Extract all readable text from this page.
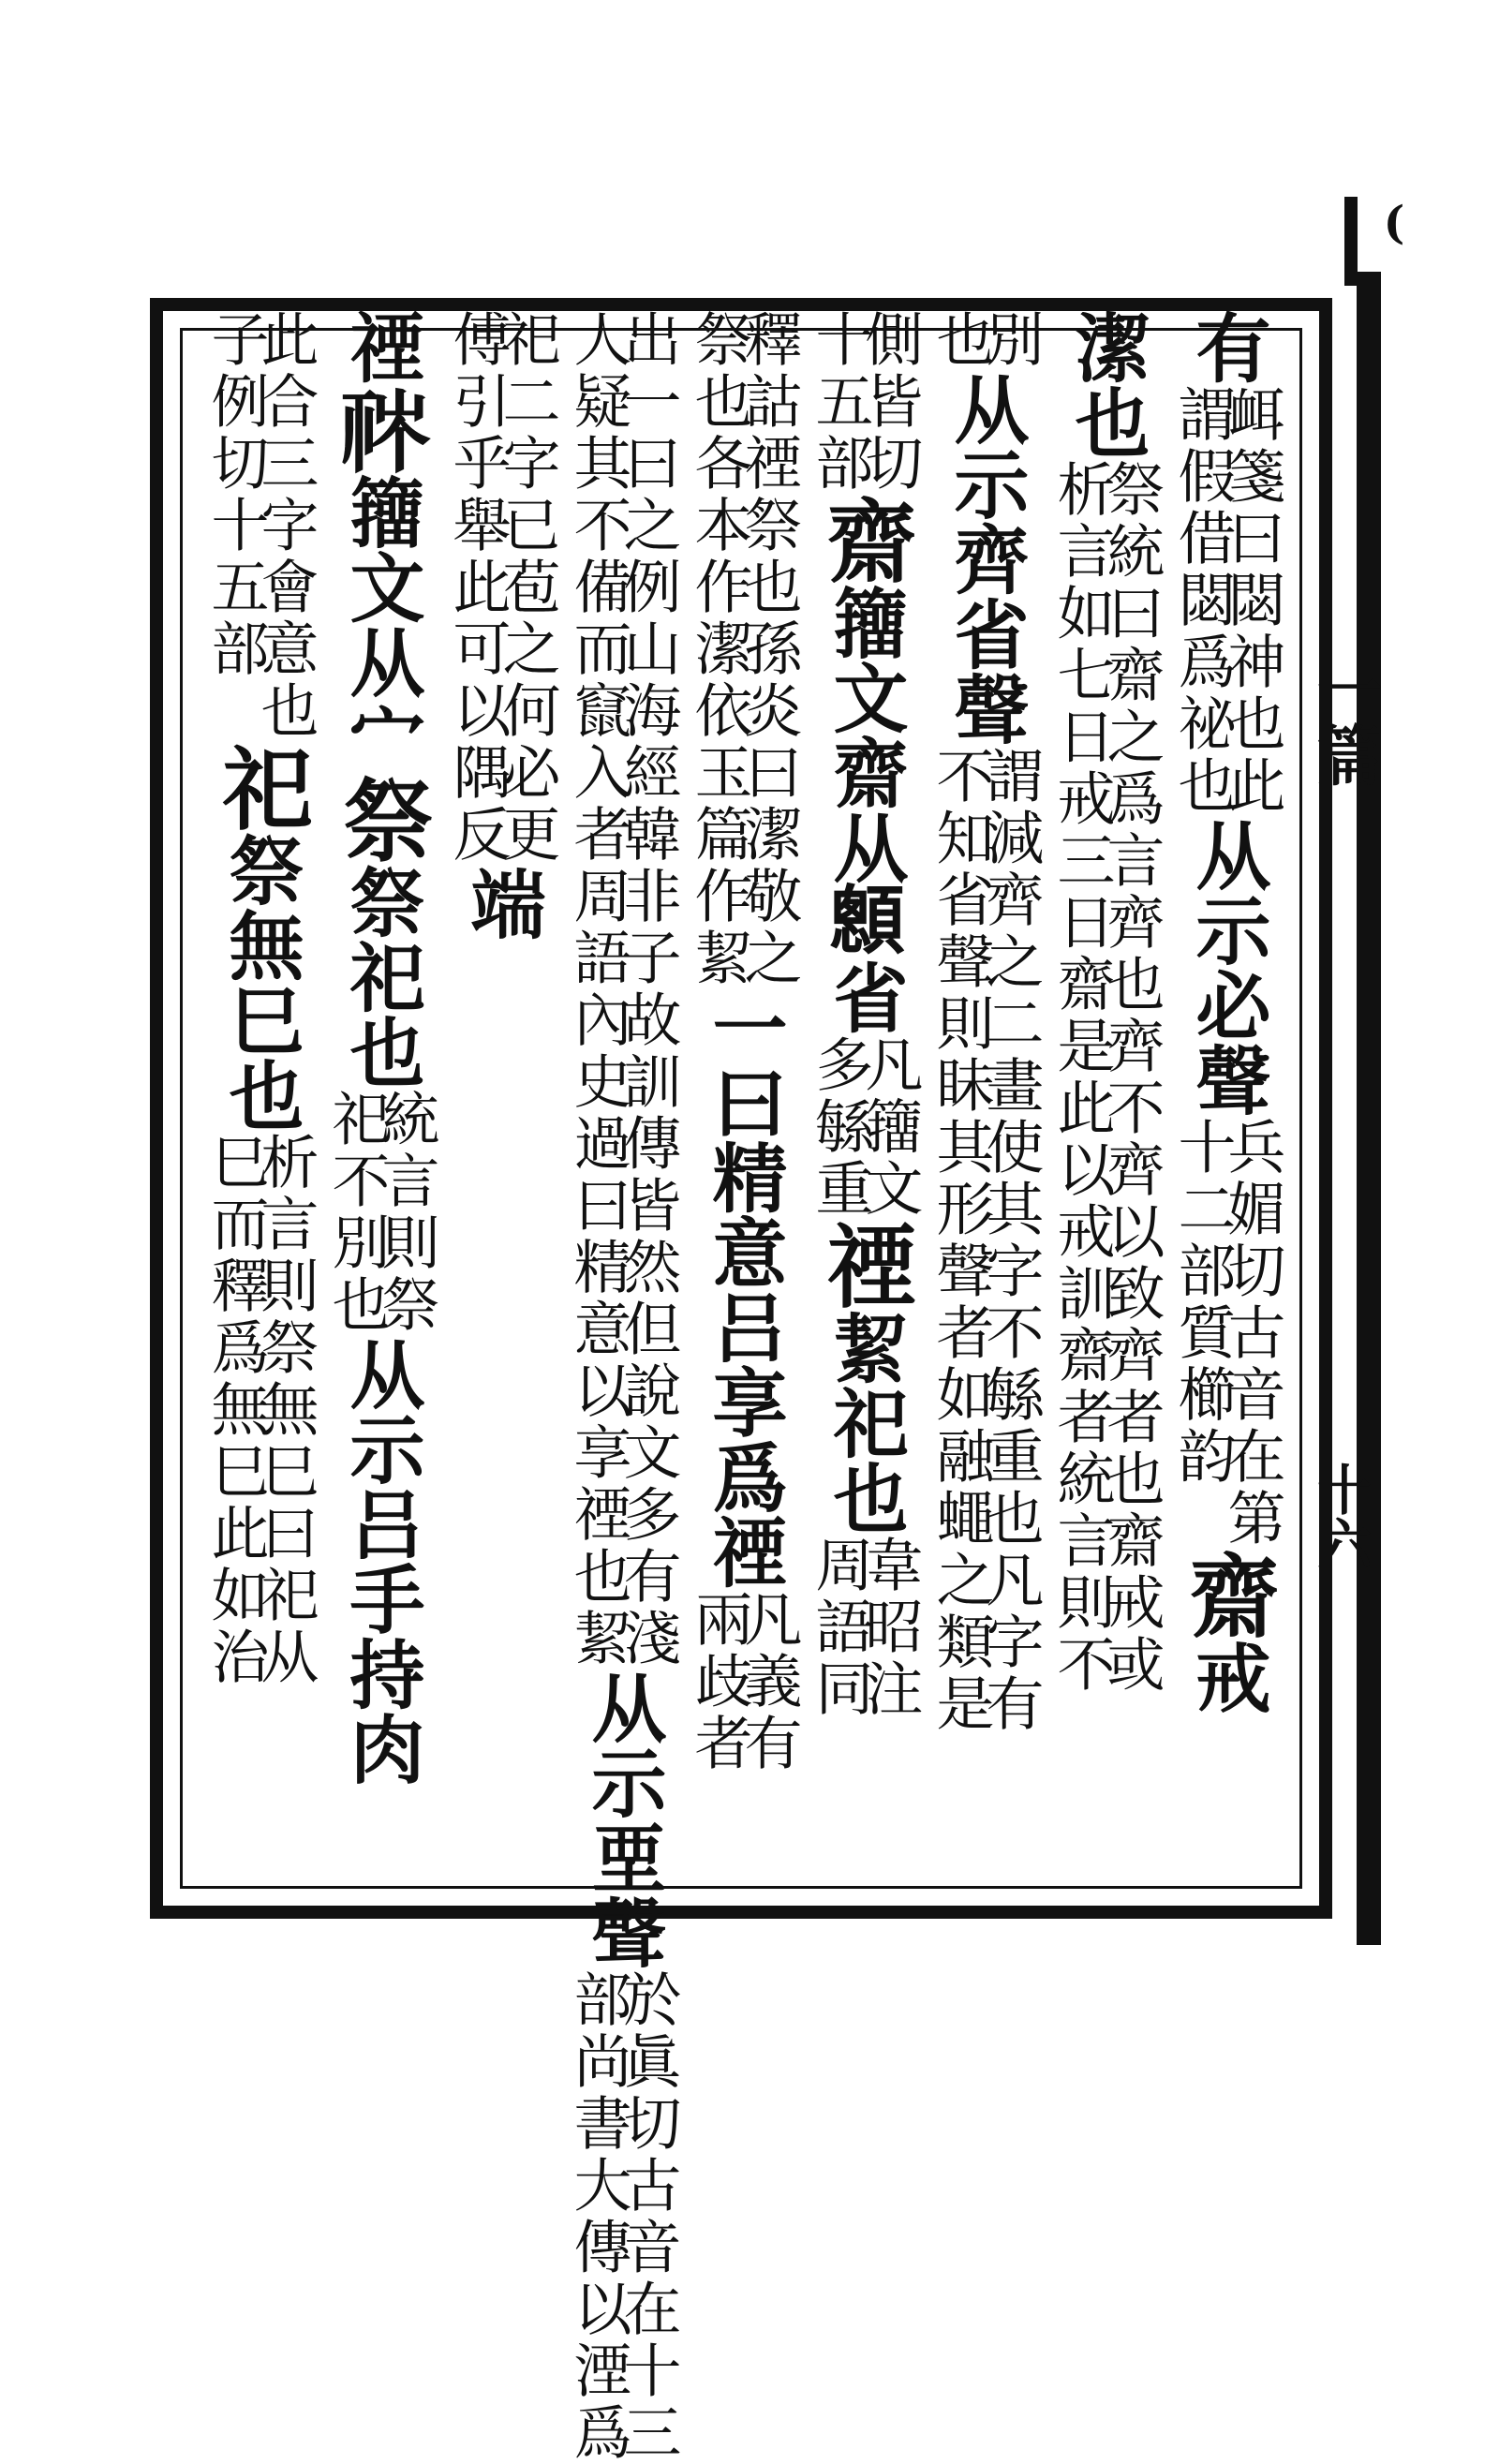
(
一篇
十六
有
衈箋曰閟神也此
謂假借閟爲祕也
从示必聲
兵媚切古音在第
十二部質櫛韵
齋
戒
潔也
祭統曰齋之爲言齊也齊不齊以致齊者也齋戒或
析言如七日戒三日齋是此以戒訓齋者統言則不
別
也
从示齊省聲
謂減齊之二畫使其字不緐重也凡字有
不知省聲則眛其形聲者如融蠅之類是
側皆切
十五部
齋
籒文齋从𩕄省
凡籒文
多緐重
禋
絜祀也
韋昭注
周語同
釋詁禋祭也孫炎曰潔敬之
祭也各本作潔依玉篇作絜
一曰精意吕享爲禋
凡義有
兩歧者
出一曰之例山海經韓非子故訓傳皆然但說文多有淺
人疑其不備而竄入者周語內史過曰精意以享禋也絜
从示垔聲
於眞切古音在十三
部尚書大傳以湮爲
祀二字已苞之何必更
傅引乎舉此可以隅反
端
禋
𥙏
籒文从宀
祭
祭祀也
統言則祭
祀不別也
从示吕手持肉
此合三字會意也
子例切十五部
祀
祭無巳也
析言則祭無巳曰祀从
巳而釋爲無巳此如治
